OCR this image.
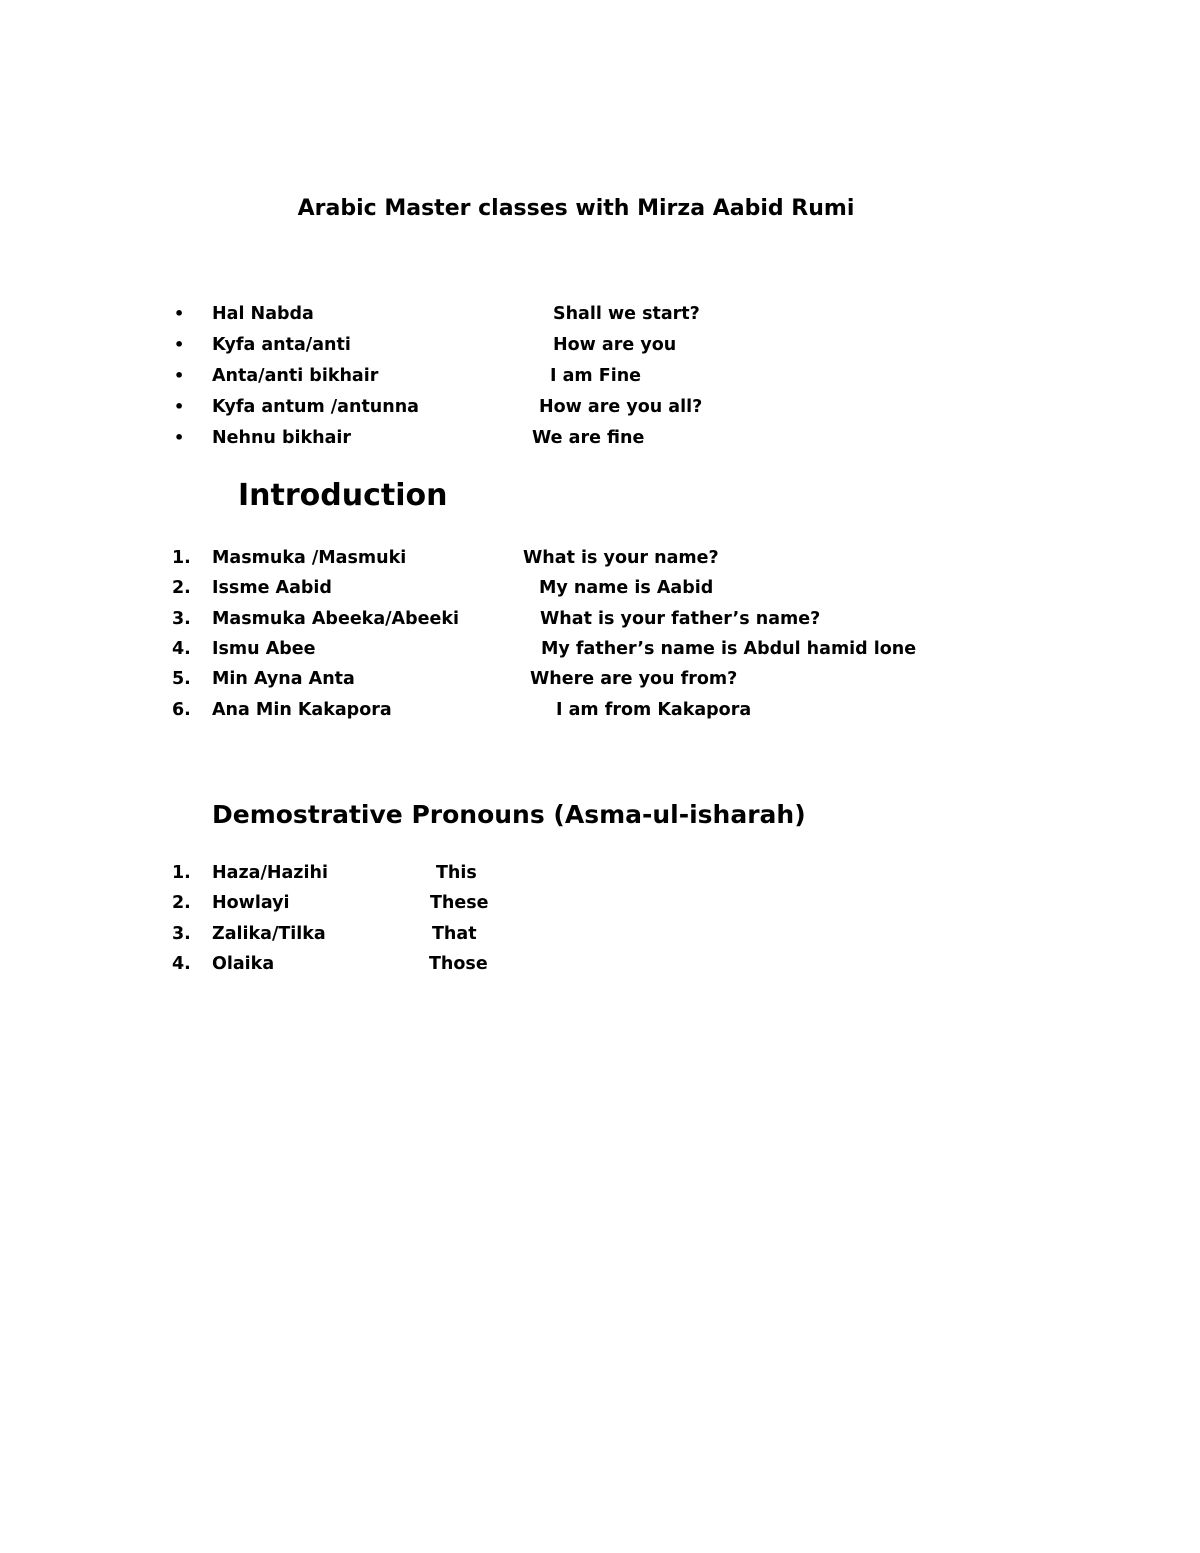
Arabic Master classes with Mirza Aabid Rumi
• Hal Nabda	Shall we start?
• Kyfa anta/anti	How are you
• Anta/anti bikhair	I am Fine
• Kyfa antum /antunna	How are you all?
• Nehnu bikhair	We are fine
Introduction
1. Masmuka /Masmuki	What is your name?
2. Issme Aabid	My name is Aabid
3. Masmuka Abeeka/Abeeki	What is your father’s name?
4. Ismu Abee	My father’s name is Abdul hamid lone
5. Min Ayna Anta	Where are you from?
6. Ana Min Kakapora	I am from Kakapora
Demostrative Pronouns (Asma-ul-isharah)
1. Haza/Hazihi	This
2. Howlayi	These
3. Zalika/Tilka	That
4. Olaika	Those
